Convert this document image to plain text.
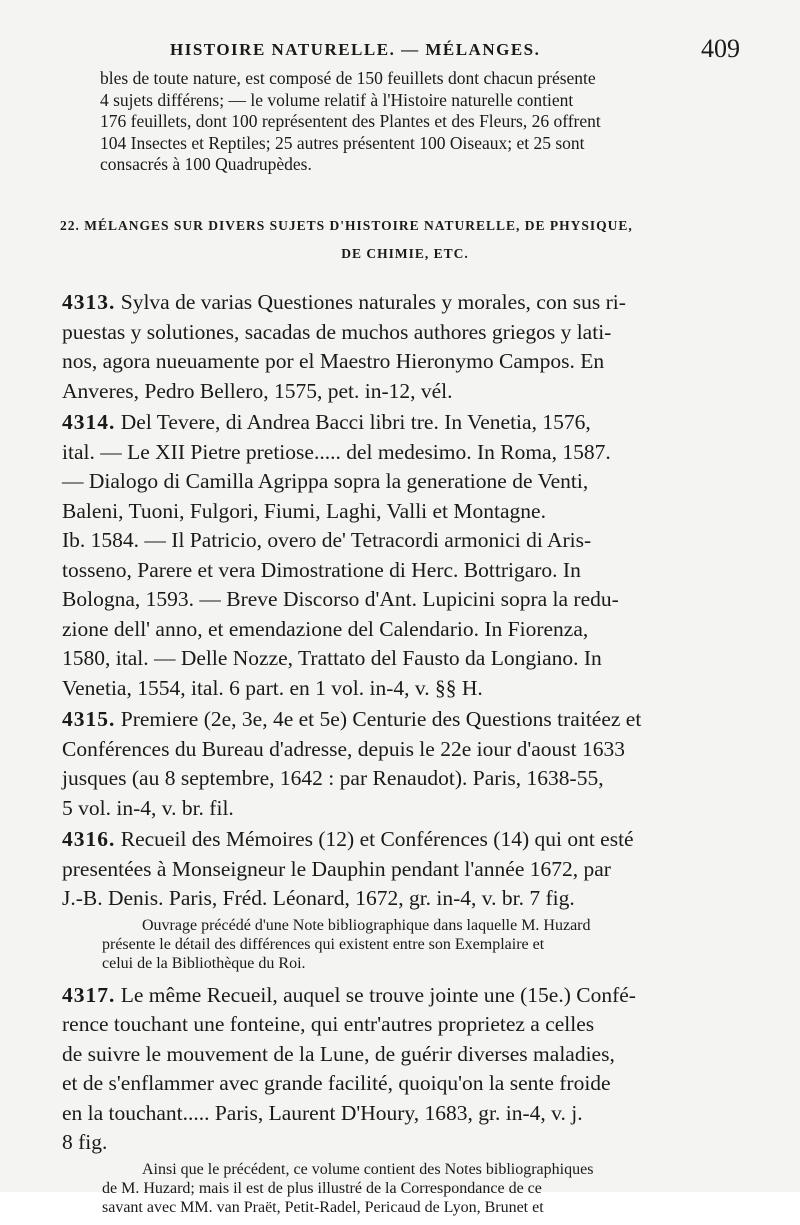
HISTOIRE NATURELLE. — MÉLANGES.	409
bles de toute nature, est composé de 150 feuillets dont chacun présente
4 sujets différens; — le volume relatif à l'Histoire naturelle contient
176 feuillets, dont 100 représentent des Plantes et des Fleurs, 26 offrent
104 Insectes et Reptiles; 25 autres présentent 100 Oiseaux; et 25 sont
consacrés à 100 Quadrupèdes.
22. MÉLANGES SUR DIVERS SUJETS D'HISTOIRE NATURELLE, DE PHYSIQUE,
DE CHIMIE, ETC.
4313. Sylva de varias Questiones naturales y morales, con sus ri-
puestas y solutiones, sacadas de muchos authores griegos y lati-
nos, agora nueuamente por el Maestro Hieronymo Campos. En
Anveres, Pedro Bellero, 1575, pet. in-12, vél.
4314. Del Tevere, di Andrea Bacci libri tre. In Venetia, 1576,
ital. — Le XII Pietre pretiose..... del medesimo. In Roma, 1587.
— Dialogo di Camilla Agrippa sopra la generatione de Venti,
Baleni, Tuoni, Fulgori, Fiumi, Laghi, Valli et Montagne.
Ib. 1584. — Il Patricio, overo de' Tetracordi armonici di Aris-
tosseno, Parere et vera Dimostratione di Herc. Bottrigaro. In
Bologna, 1593. — Breve Discorso d'Ant. Lupicini sopra la redu-
zione dell' anno, et emendazione del Calendario. In Fiorenza,
1580, ital. — Delle Nozze, Trattato del Fausto da Longiano. In
Venetia, 1554, ital. 6 part. en 1 vol. in-4, v. §§ H.
4315. Premiere (2e, 3e, 4e et 5e) Centurie des Questions traitéez et
Conférences du Bureau d'adresse, depuis le 22e iour d'aoust 1633
jusques (au 8 septembre, 1642 : par Renaudot). Paris, 1638-55,
5 vol. in-4, v. br. fil.
4316. Recueil des Mémoires (12) et Conférences (14) qui ont esté
presentées à Monseigneur le Dauphin pendant l'année 1672, par
J.-B. Denis. Paris, Fréd. Léonard, 1672, gr. in-4, v. br. 7 fig.
Ouvrage précédé d'une Note bibliographique dans laquelle M. Huzard
présente le détail des différences qui existent entre son Exemplaire et
celui de la Bibliothèque du Roi.
4317. Le même Recueil, auquel se trouve jointe une (15e.) Confé-
rence touchant une fonteine, qui entr'autres proprietez a celles
de suivre le mouvement de la Lune, de guérir diverses maladies,
et de s'enflammer avec grande facilité, quoiqu'on la sente froide
en la touchant..... Paris, Laurent D'Houry, 1683, gr. in-4, v. j.
8 fig.
Ainsi que le précédent, ce volume contient des Notes bibliographiques
de M. Huzard; mais il est de plus illustré de la Correspondance de ce
savant avec MM. van Praët, Petit-Radel, Pericaud de Lyon, Brunet et
